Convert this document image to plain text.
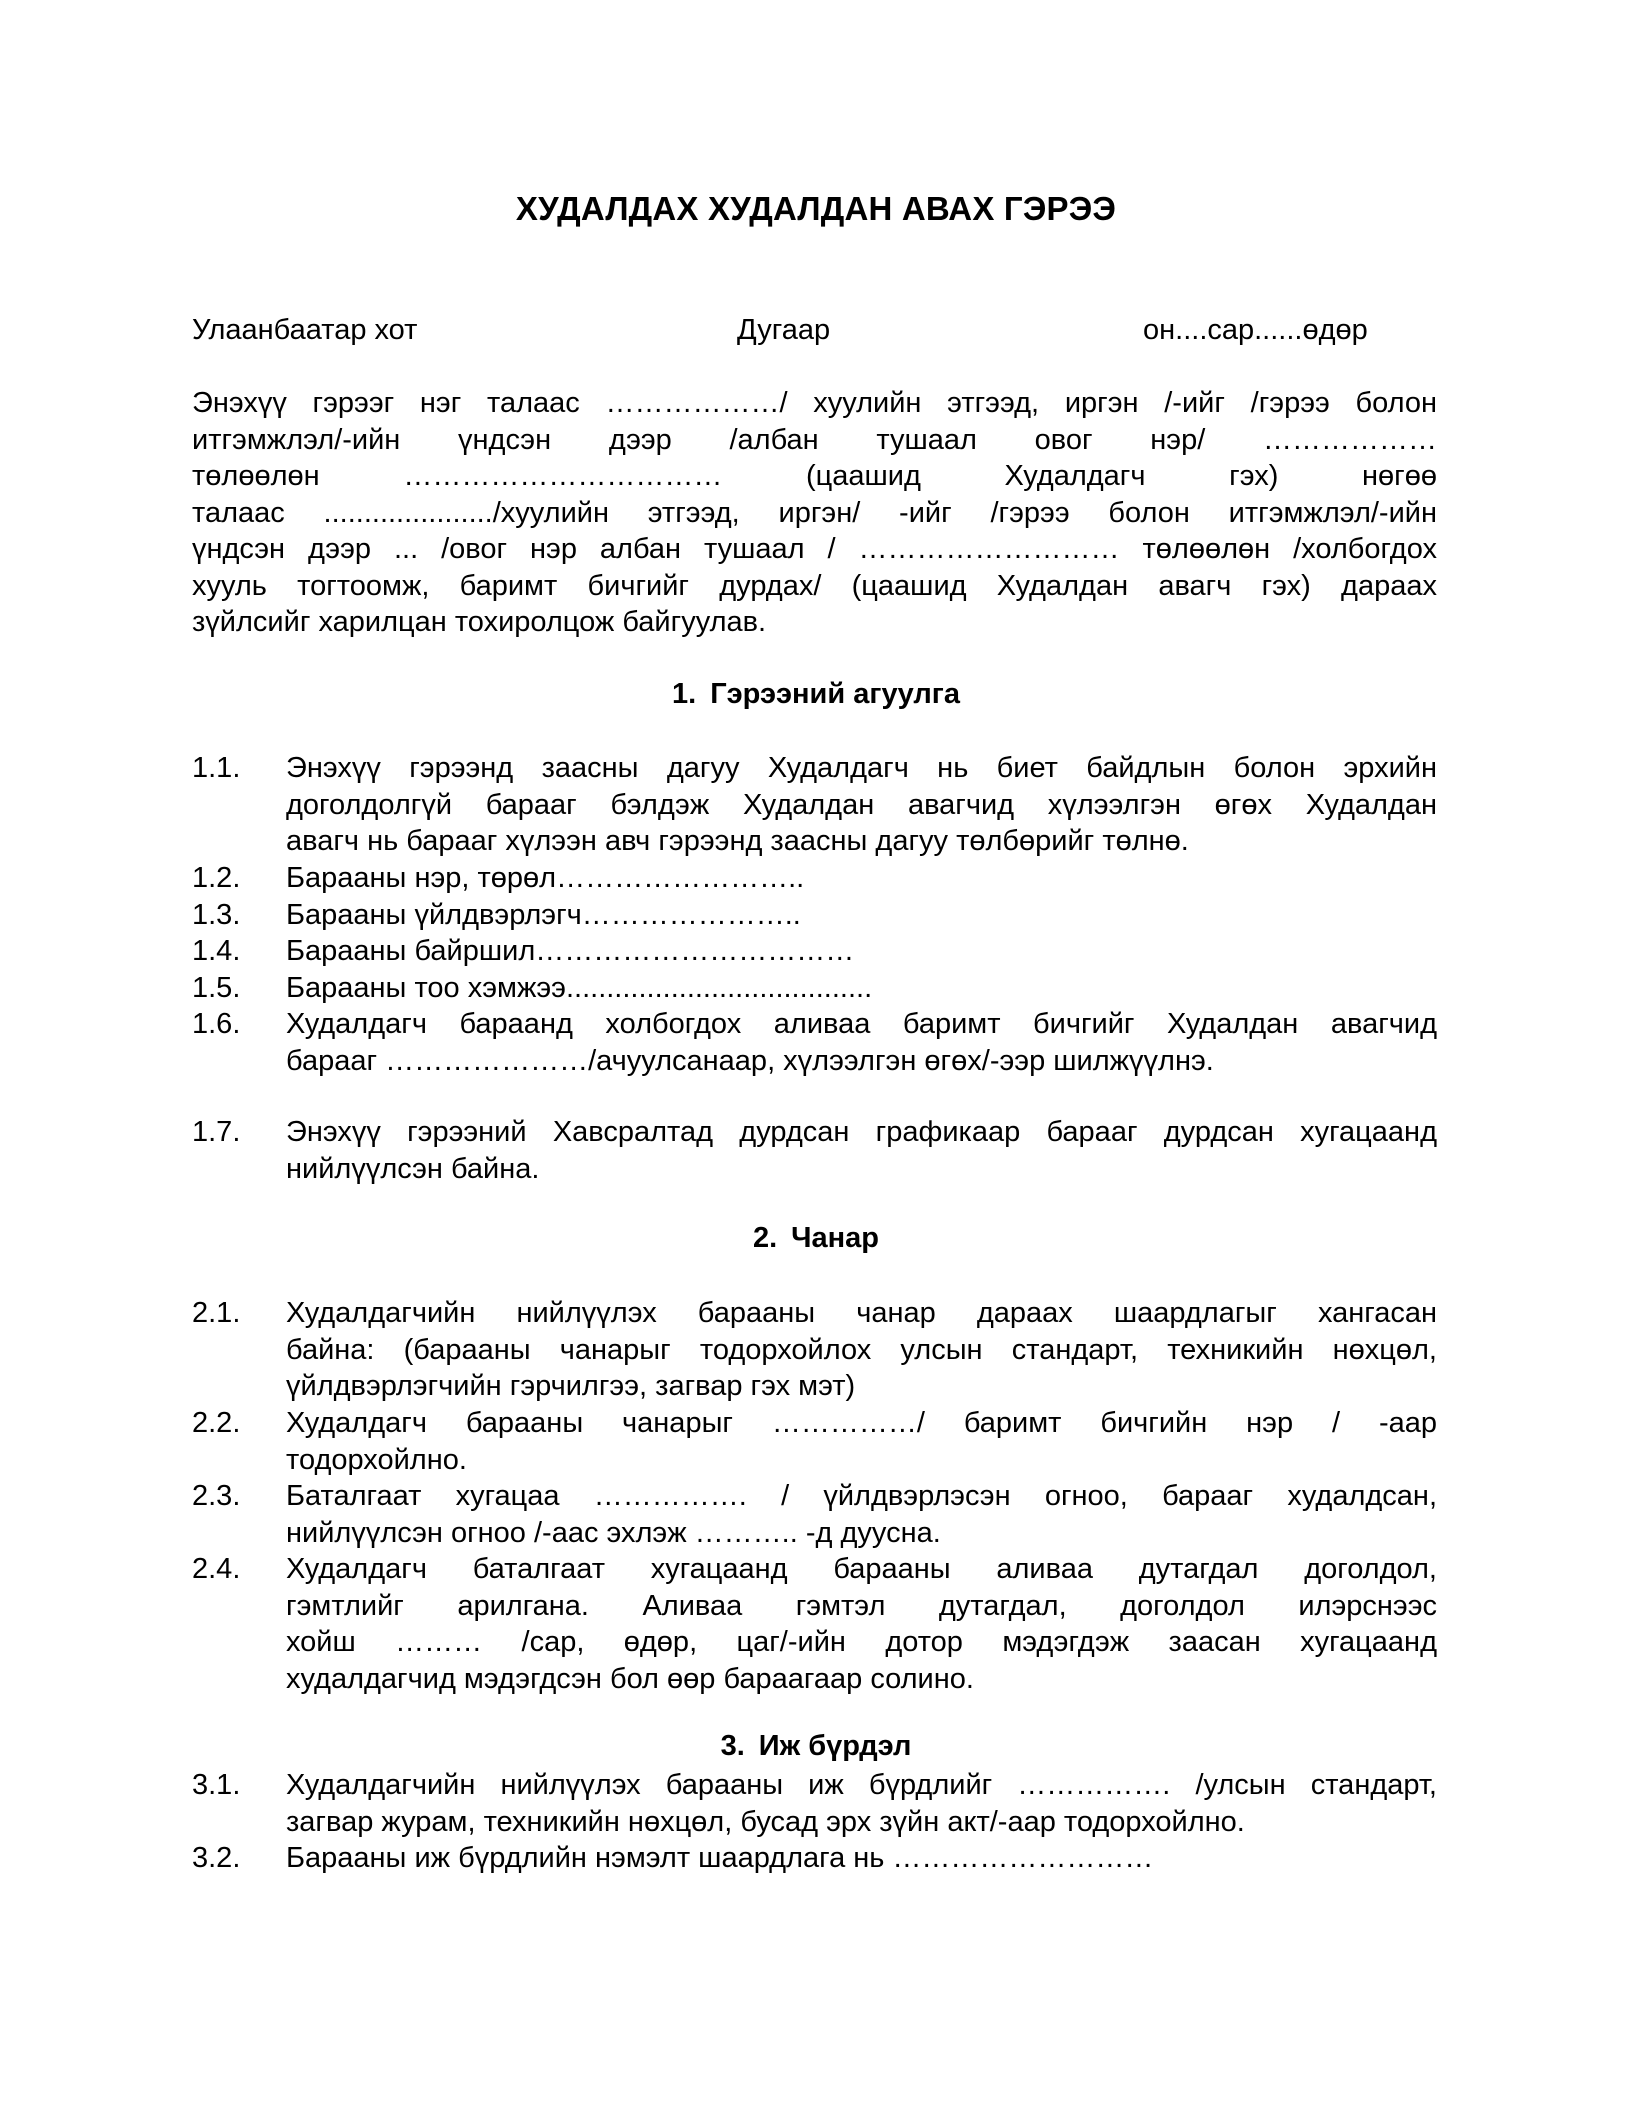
ХУДАЛДАХ ХУДАЛДАН АВАХ ГЭРЭЭ
Улаанбаатар хот	Дугаар	он....сар......өдөр
Энэхүү гэрээг нэг талаас ………………/ хуулийн этгээд, иргэн /-ийг /гэрээ болон
итгэмжлэл/-ийн үндсэн дээр /албан тушаал овог нэр/ ………………
төлөөлөн …………………………… (цаашид Худалдагч гэх) нөгөө
талаас ...................../хуулийн этгээд, иргэн/ -ийг /гэрээ болон итгэмжлэл/-ийн
үндсэн дээр ... /овог нэр албан тушаал / ……………………… төлөөлөн /холбогдох
хууль тогтоомж, баримт бичгийг дурдах/ (цаашид Худалдан авагч гэх) дараах
зүйлсийг харилцан тохиролцож байгуулав.
1. Гэрээний агуулга
1.1. Энэхүү гэрээнд заасны дагуу Худалдагч нь биет байдлын болон эрхийн
доголдолгүй барааг бэлдэж Худалдан авагчид хүлээлгэн өгөх Худалдан
авагч нь барааг хүлээн авч гэрээнд заасны дагуу төлбөрийг төлнө.
1.2. Барааны нэр, төрөл……………………..
1.3. Барааны үйлдвэрлэгч…………………..
1.4. Барааны байршил……………………………
1.5. Барааны тоо хэмжээ......................................
1.6. Худалдагч бараанд холбогдох аливаа баримт бичгийг Худалдан авагчид
барааг …………………/ачуулсанаар, хүлээлгэн өгөх/-ээр шилжүүлнэ.
1.7. Энэхүү гэрээний Хавсралтад дурдсан графикаар барааг дурдсан хугацаанд
нийлүүлсэн байна.
2. Чанар
2.1. Худалдагчийн нийлүүлэх барааны чанар дараах шаардлагыг хангасан
байна: (барааны чанарыг тодорхойлох улсын стандарт, техникийн нөхцөл,
үйлдвэрлэгчийн гэрчилгээ, загвар гэх мэт)
2.2. Худалдагч барааны чанарыг ……………/ баримт бичгийн нэр / -аар
тодорхойлно.
2.3. Баталгаат хугацаа ……………. / үйлдвэрлэсэн огноо, барааг худалдсан,
нийлүүлсэн огноо /-аас эхлэж ……….. -д дуусна.
2.4. Худалдагч баталгаат хугацаанд барааны аливаа дутагдал доголдол,
гэмтлийг арилгана. Аливаа гэмтэл дутагдал, доголдол илэрснээс
хойш ……… /сар, өдөр, цаг/-ийн дотор мэдэгдэж заасан хугацаанд
худалдагчид мэдэгдсэн бол өөр бараагаар солино.
3. Иж бүрдэл
3.1. Худалдагчийн нийлүүлэх барааны иж бүрдлийг ……………. /улсын стандарт,
загвар журам, техникийн нөхцөл, бусад эрх зүйн акт/-аар тодорхойлно.
3.2. Барааны иж бүрдлийн нэмэлт шаардлага нь ………………………
